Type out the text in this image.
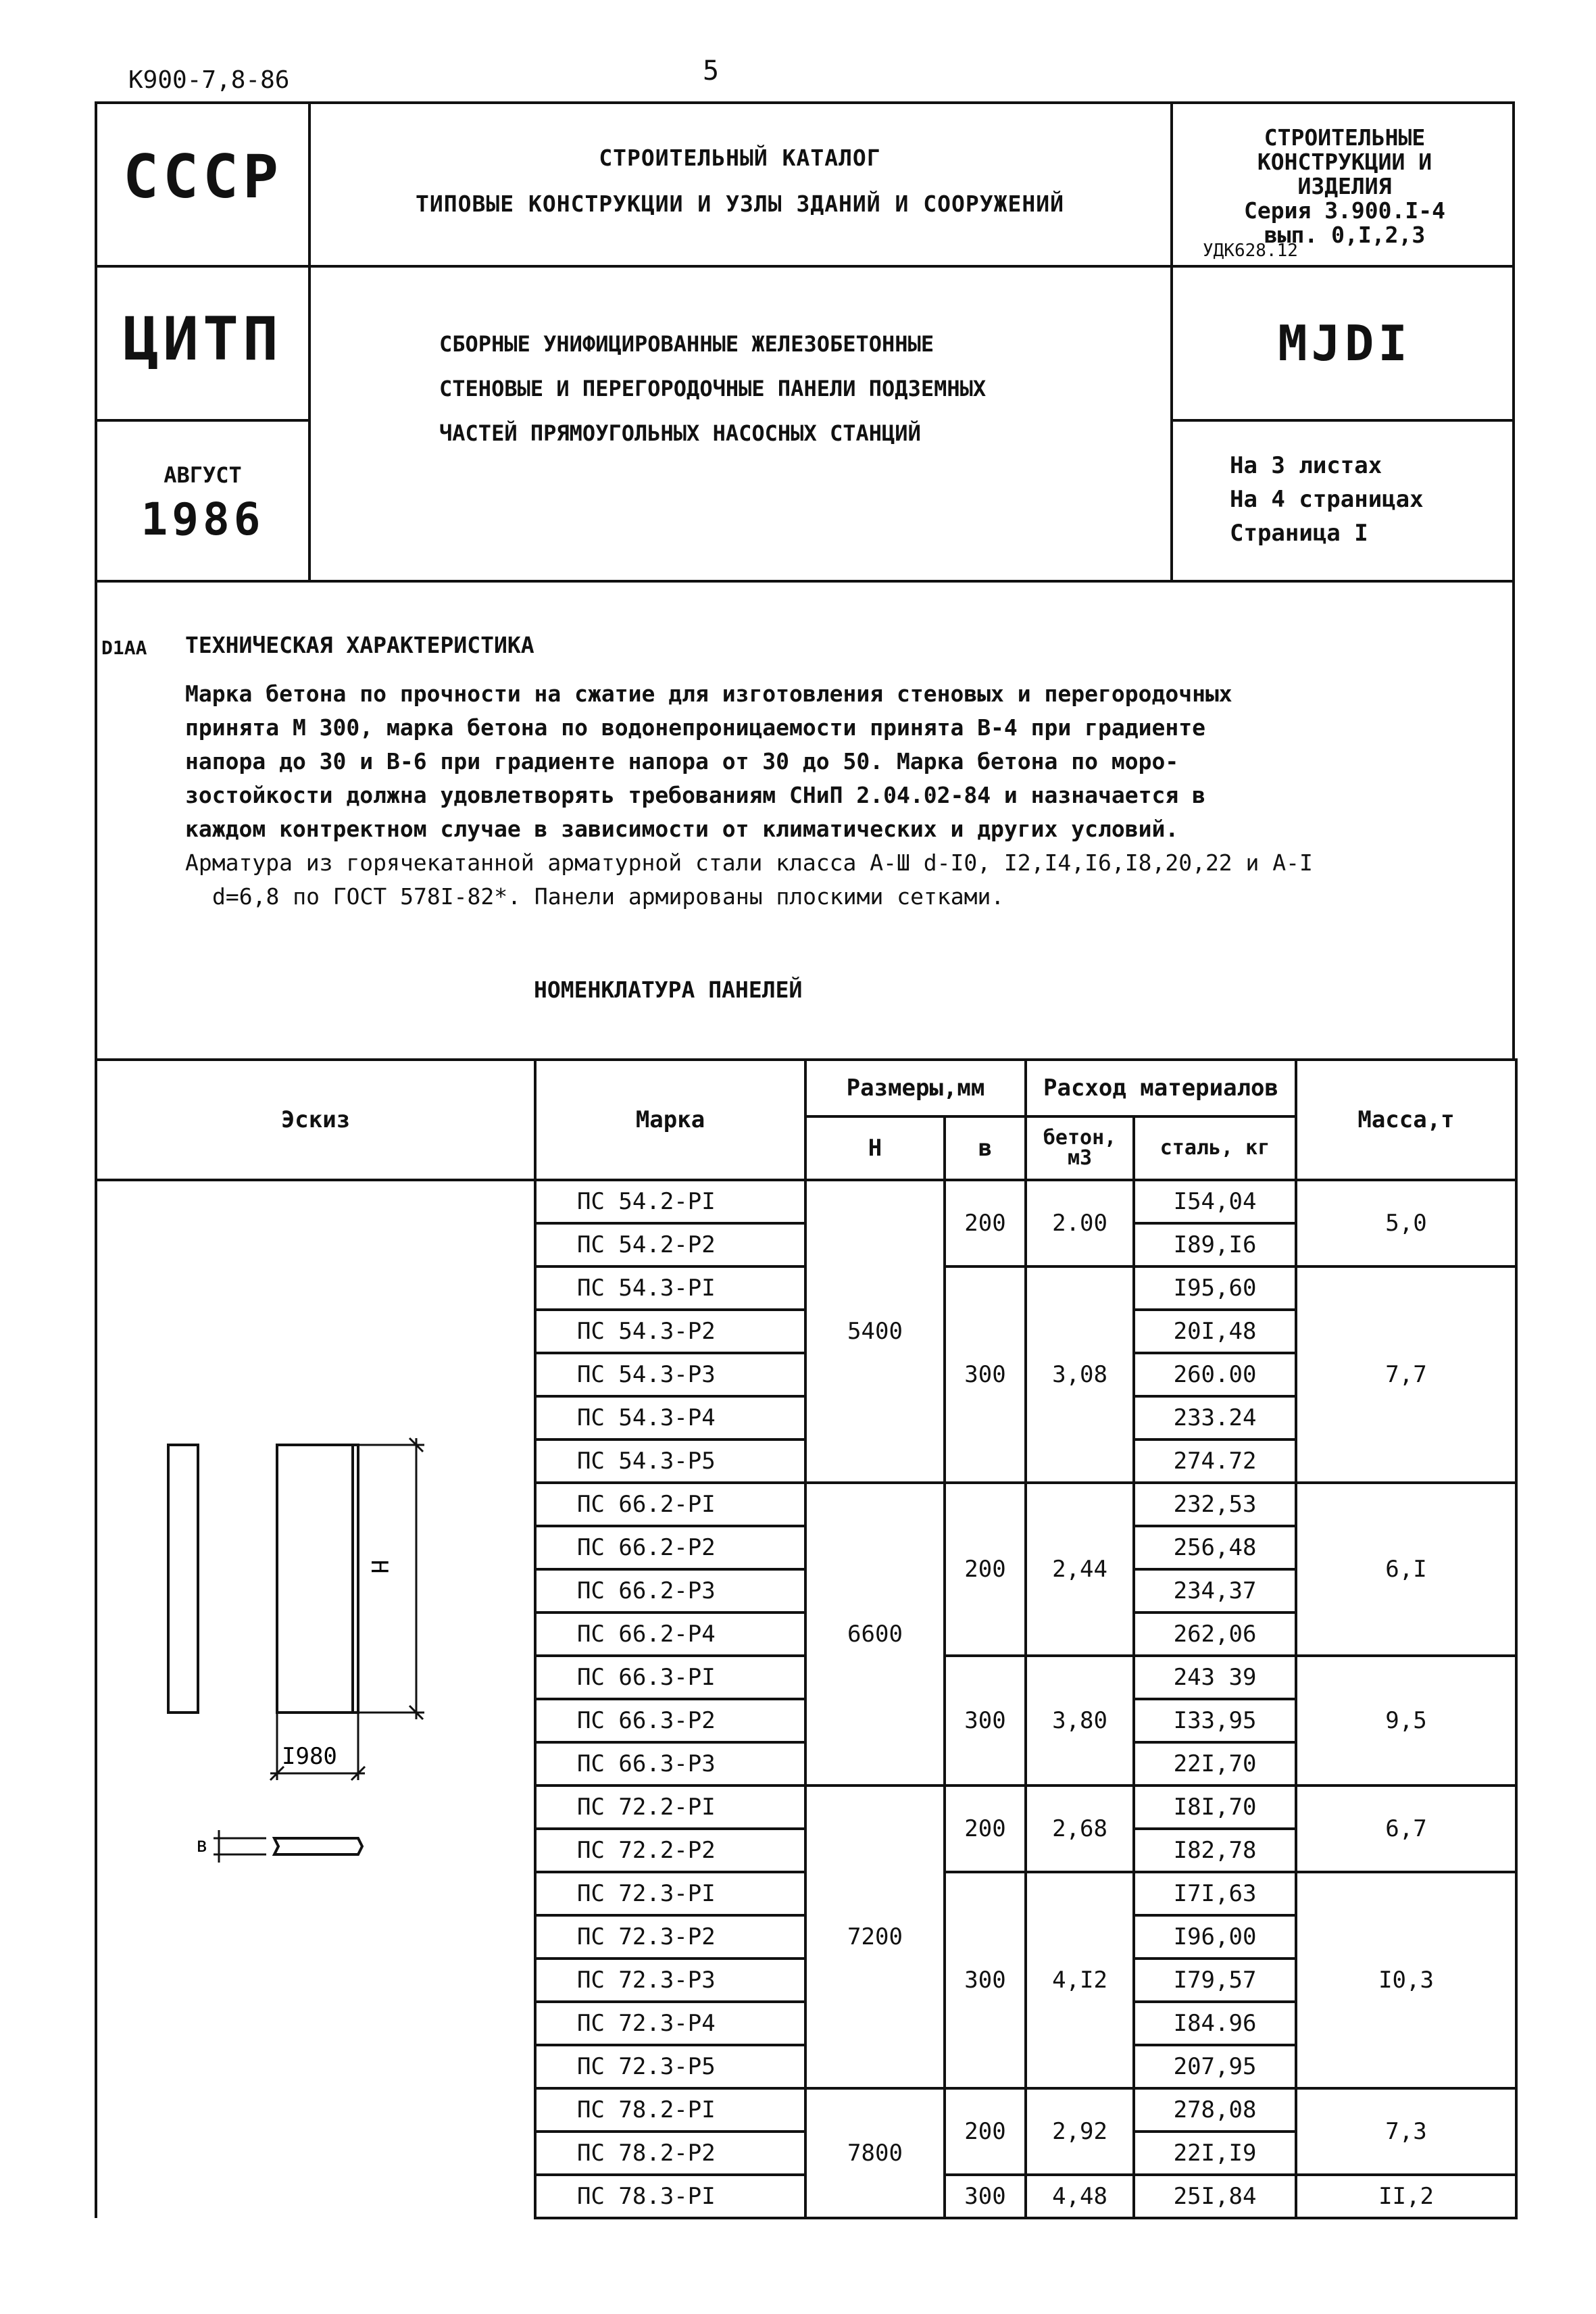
К900-7,8-86	5
СССР	СТРОИТЕЛЬНЫЙ КАТАЛОГ
ТИПОВЫЕ КОНСТРУКЦИИ И УЗЛЫ ЗДАНИЙ И СООРУЖЕНИЙ
СТРОИТЕЛЬНЫЕ
КОНСТРУКЦИИ И
ИЗДЕЛИЯ
Серия 3.900.I-4
вып. 0,I,2,3
УДК628.12
ЦИТП	СБОРНЫЕ УНИФИЦИРОВАННЫЕ ЖЕЛЕЗОБЕТОННЫЕ
СТЕНОВЫЕ И ПЕРЕГОРОДОЧНЫЕ ПАНЕЛИ ПОДЗЕМНЫХ
ЧАСТЕЙ ПРЯМОУГОЛЬНЫХ НАСОСНЫХ СТАНЦИЙ
МJDI
АВГУСТ
1986
На 3 листах
На 4 страницах
Страница I
D1AA ТЕХНИЧЕСКАЯ ХАРАКТЕРИСТИКА
Марка бетона по прочности на сжатие для изготовления стеновых и перегородочных
принята М 300, марка бетона по водонепроницаемости принята В-4 при градиенте
напора до 30 и В-6 при градиенте напора от 30 до 50. Марка бетона по моро-
зостойкости должна удовлетворять требованиям СНиП 2.04.02-84 и назначается в
каждом контректном случае в зависимости от климатических и других условий.
Арматура из горячекатанной арматурной стали класса А-Ш d-I0, I2,I4,I6,I8,20,22 и А-I
d=6,8 по ГОСТ 578I-82*. Панели армированы плоскими сетками.
НОМЕНКЛАТУРА ПАНЕЛЕЙ
Эскиз	Марка	Размеры,мм		Расход материалов		Масса,т
		Н	в	бетон, м3	сталь, кг	

Н
I980
в	ПС 54.2-РI	5400	200	2.00	I54,04	5,0
	ПС 54.2-Р2				I89,I6	
	ПС 54.3-РI		300	3,08	I95,60	7,7
	ПС 54.3-Р2				20I,48	
	ПС 54.3-Р3				260.00	
	ПС 54.3-Р4				233.24	
	ПС 54.3-Р5				274.72	
	ПС 66.2-РI	6600	200	2,44	232,53	6,I
	ПС 66.2-Р2				256,48	
	ПС 66.2-Р3				234,37	
	ПС 66.2-Р4				262,06	
	ПС 66.3-РI		300	3,80	243 39	9,5
	ПС 66.3-Р2				I33,95	
	ПС 66.3-Р3				22I,70	
	ПС 72.2-РI	7200	200	2,68	I8I,70	6,7
	ПС 72.2-Р2				I82,78	
	ПС 72.3-РI		300	4,I2	I7I,63	I0,3
	ПС 72.3-Р2				I96,00	
	ПС 72.3-Р3				I79,57	
	ПС 72.3-Р4				I84.96	
	ПС 72.3-Р5				207,95	
	ПС 78.2-РI	7800	200	2,92	278,08	7,3
	ПС 78.2-Р2				22I,I9	
	ПС 78.3-РI		300	4,48	25I,84	II,2
